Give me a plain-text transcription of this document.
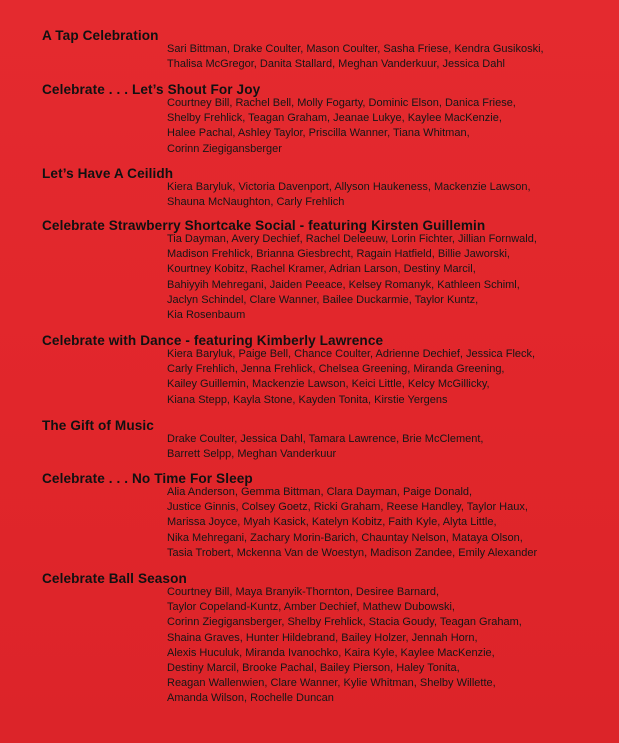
A Tap Celebration
Sari Bittman, Drake Coulter, Mason Coulter, Sasha Friese, Kendra Gusikoski,
Thalisa McGregor, Danita Stallard, Meghan Vanderkuur, Jessica Dahl
Celebrate . . . Let’s Shout For Joy
Courtney Bill, Rachel Bell, Molly Fogarty, Dominic Elson, Danica Friese,
Shelby Frehlick, Teagan Graham, Jeanae Lukye, Kaylee MacKenzie,
Halee Pachal, Ashley Taylor, Priscilla Wanner, Tiana Whitman,
Corinn Ziegigansberger
Let’s Have A Ceilidh
Kiera Baryluk, Victoria Davenport, Allyson Haukeness, Mackenzie Lawson,
Shauna McNaughton, Carly Frehlich
Celebrate Strawberry Shortcake Social - featuring Kirsten Guillemin
Tia Dayman, Avery Dechief, Rachel Deleeuw, Lorin Fichter, Jillian Fornwald,
Madison Frehlick, Brianna Giesbrecht, Ragain Hatfield, Billie Jaworski,
Kourtney Kobitz, Rachel Kramer, Adrian Larson, Destiny Marcil,
Bahiyyih Mehregani, Jaiden Peeace, Kelsey Romanyk, Kathleen Schiml,
Jaclyn Schindel, Clare Wanner, Bailee Duckarmie, Taylor Kuntz,
Kia Rosenbaum
Celebrate with Dance - featuring Kimberly Lawrence
Kiera Baryluk, Paige Bell, Chance Coulter, Adrienne Dechief, Jessica Fleck,
Carly Frehlich, Jenna Frehlick, Chelsea Greening, Miranda Greening,
Kailey Guillemin, Mackenzie Lawson, Keici Little, Kelcy McGillicky,
Kiana Stepp, Kayla Stone, Kayden Tonita, Kirstie Yergens
The Gift of Music
Drake Coulter, Jessica Dahl, Tamara Lawrence, Brie McClement,
Barrett Selpp, Meghan Vanderkuur
Celebrate . . . No Time For Sleep
Alia Anderson, Gemma Bittman, Clara Dayman, Paige Donald,
Justice Ginnis, Colsey Goetz, Ricki Graham, Reese Handley, Taylor Haux,
Marissa Joyce, Myah Kasick, Katelyn Kobitz, Faith Kyle, Alyta Little,
Nika Mehregani, Zachary Morin-Barich, Chauntay Nelson, Mataya Olson,
Tasia Trobert, Mckenna Van de Woestyn, Madison Zandee, Emily Alexander
Celebrate Ball Season
Courtney Bill, Maya Branyik-Thornton, Desiree Barnard,
Taylor Copeland-Kuntz, Amber Dechief, Mathew Dubowski,
Corinn Ziegigansberger, Shelby Frehlick, Stacia Goudy, Teagan Graham,
Shaina Graves, Hunter Hildebrand, Bailey Holzer, Jennah Horn,
Alexis Huculuk, Miranda Ivanochko, Kaira Kyle, Kaylee MacKenzie,
Destiny Marcil, Brooke Pachal, Bailey Pierson, Haley Tonita,
Reagan Wallenwien, Clare Wanner, Kylie Whitman, Shelby Willette,
Amanda Wilson, Rochelle Duncan
